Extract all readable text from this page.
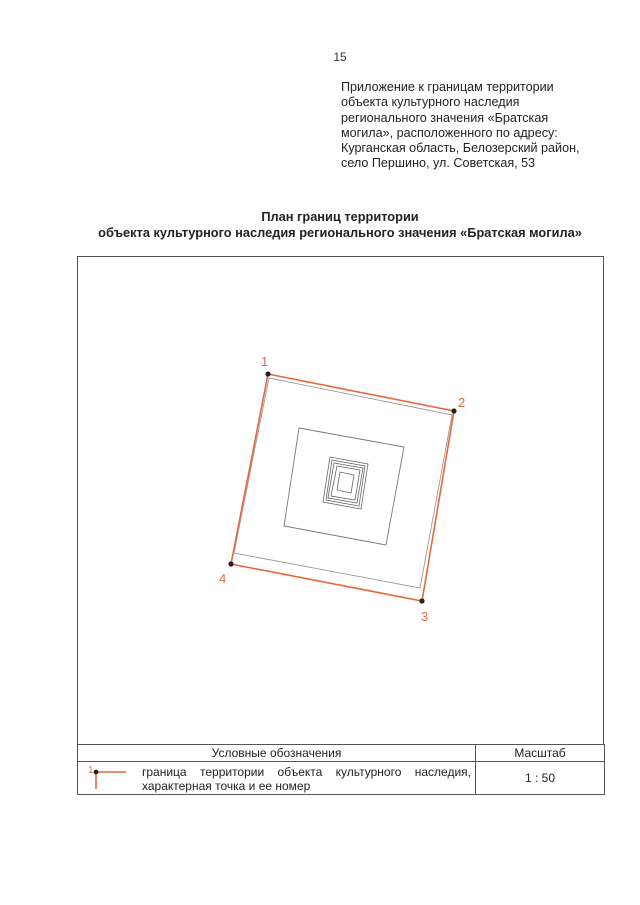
15
Приложение к границам территории
объекта культурного наследия
регионального значения «Братская
могила», расположенного по адресу:
Курганская область, Белозерский район,
село Першино, ул. Советская, 53
План границ территории
объекта культурного наследия регионального значения «Братская могила»
1
2
3
4
Условные обозначения	Масштаб

1 граница территории объекта культурного наследия, характерная точка и ее номер	1 : 50
